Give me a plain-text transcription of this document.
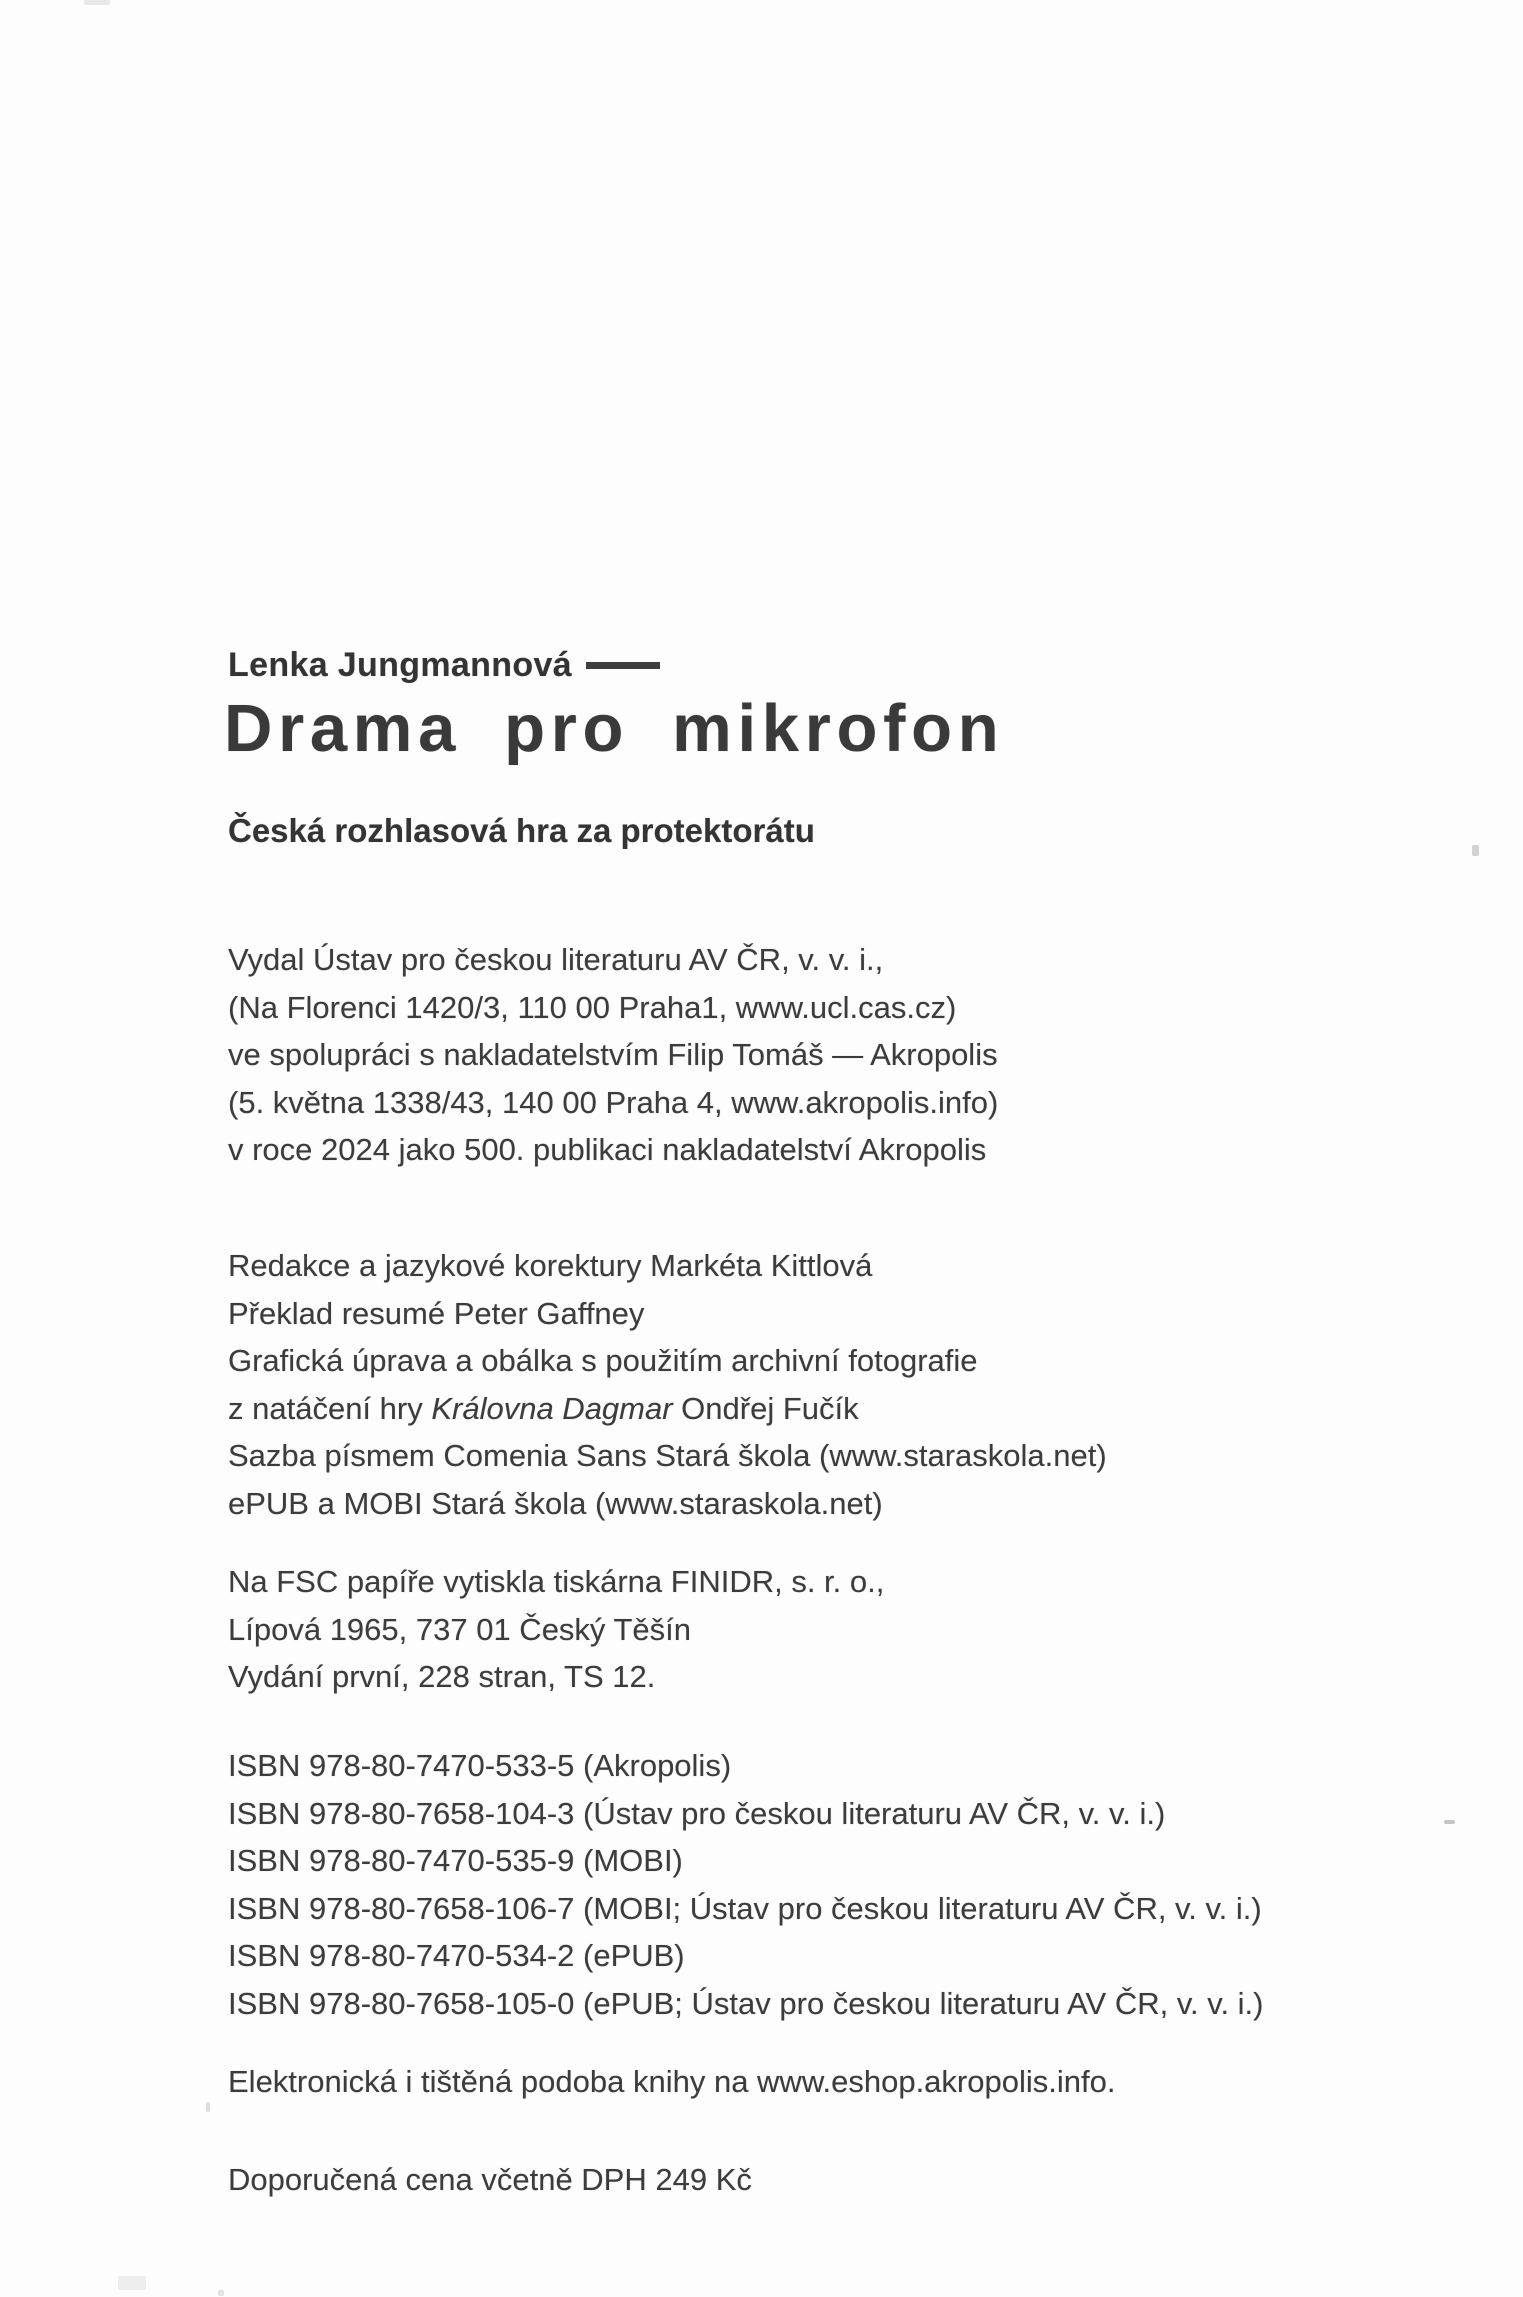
Lenka Jungmannová
Drama pro mikrofon
Česká rozhlasová hra za protektorátu
Vydal Ústav pro českou literaturu AV ČR, v. v. i.,
(Na Florenci 1420/3, 110 00 Praha1, www.ucl.cas.cz)
ve spolupráci s nakladatelstvím Filip Tomáš — Akropolis
(5. května 1338/43, 140 00 Praha 4, www.akropolis.info)
v roce 2024 jako 500. publikaci nakladatelství Akropolis
Redakce a jazykové korektury Markéta Kittlová
Překlad resumé Peter Gaffney
Grafická úprava a obálka s použitím archivní fotografie
z natáčení hry Královna Dagmar Ondřej Fučík
Sazba písmem Comenia Sans Stará škola (www.staraskola.net)
ePUB a MOBI Stará škola (www.staraskola.net)
Na FSC papíře vytiskla tiskárna FINIDR, s. r. o.,
Lípová 1965, 737 01 Český Těšín
Vydání první, 228 stran, TS 12.
ISBN 978-80-7470-533-5 (Akropolis)
ISBN 978-80-7658-104-3 (Ústav pro českou literaturu AV ČR, v. v. i.)
ISBN 978-80-7470-535-9 (MOBI)
ISBN 978-80-7658-106-7 (MOBI; Ústav pro českou literaturu AV ČR, v. v. i.)
ISBN 978-80-7470-534-2 (ePUB)
ISBN 978-80-7658-105-0 (ePUB; Ústav pro českou literaturu AV ČR, v. v. i.)
Elektronická i tištěná podoba knihy na www.eshop.akropolis.info.
Doporučená cena včetně DPH 249 Kč
